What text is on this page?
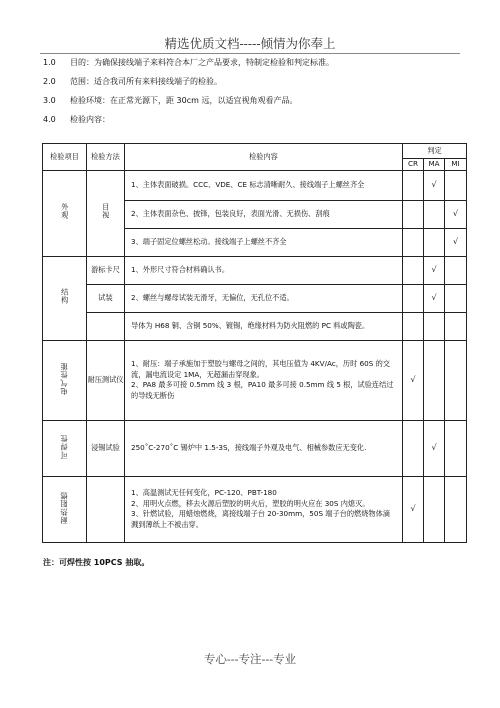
精选优质文档-----倾情为你奉上
1.0 目的：为确保接线端子来料符合本厂之产品要求，特制定检验和判定标准。
2.0 范围：适合我司所有来料接线端子的检验。
3.0 检验环境：在正常光源下，距 30cm 远，以适宜视角观看产品。
4.0 检验内容：
检验项目	检验方法	检验内容	判定		
			CR	MA	MI
外观	目视	1、主体表面破损。CCC、VDE、CE 标志清晰耐久、接线端子上螺丝齐全		√	
		2、主体表面杂色、披锋，包装良好，表面光滑、无损伤、刮痕			√
		3、端子固定位螺丝松动。接线端子上螺丝不齐全			√
结构	游标卡尺	1、外形尺寸符合材料确认书。		√	
	试装	2、螺丝与螺母试装无滑牙，无偏位，无孔位不适。		√	
		导体为 H68 铜、含铜 50%、镀锡，绝缘材料为防火阻燃的 PC 料或陶瓷。			
电气性能	耐压测试仪	1、耐压：端子承施加于塑胶与螺母之间的，其电压值为 4KV/Ac，历时 60S 的交流，漏电流设定 1MA，无超漏击穿现象。
2、PA8 最多可接 0.5mm 线 3 根，PA10 最多可接 0.5mm 线 5 根，试验连结过的导线无断伤	√		
可焊性	浸锡试验	250˚C-270˚C 锡炉中 1.5-3S，接线端子外观及电气、相械参数应无变化.		√	
耐热阻燃		1、高温测试无任何变化，PC-120、PBT-180
2、用明火点燃，移去火源后塑胶的明火后，塑胶的明火应在 30S 内熄灭。
3、针燃试验，用蜡烛燃烧，离接线端子台 20-30mm，50S 端子台的燃烧物体滴溅到薄纸上不被击穿。	√		
注：可焊性按 10PCS 抽取。
专心---专注---专业
